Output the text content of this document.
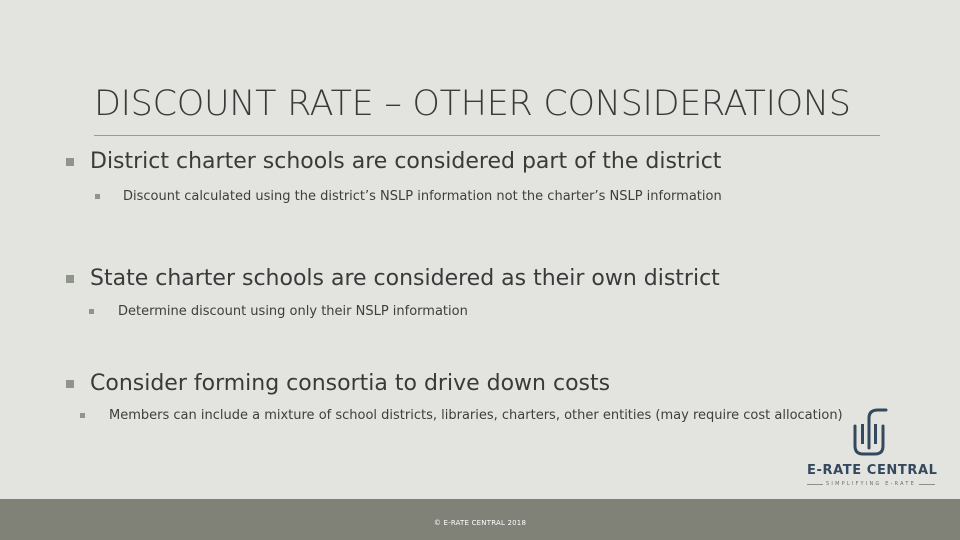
DISCOUNT RATE – OTHER CONSIDERATIONS
District charter schools are considered part of the district
Discount calculated using the district’s NSLP information not the charter’s NSLP information
State charter schools are considered as their own district
Determine discount using only their NSLP information
Consider forming consortia to drive down costs
Members can include a mixture of school districts, libraries, charters, other entities (may require cost allocation)
E-RATE CENTRAL
SIMPLIFYING E-RATE
© E-RATE CENTRAL 2018
